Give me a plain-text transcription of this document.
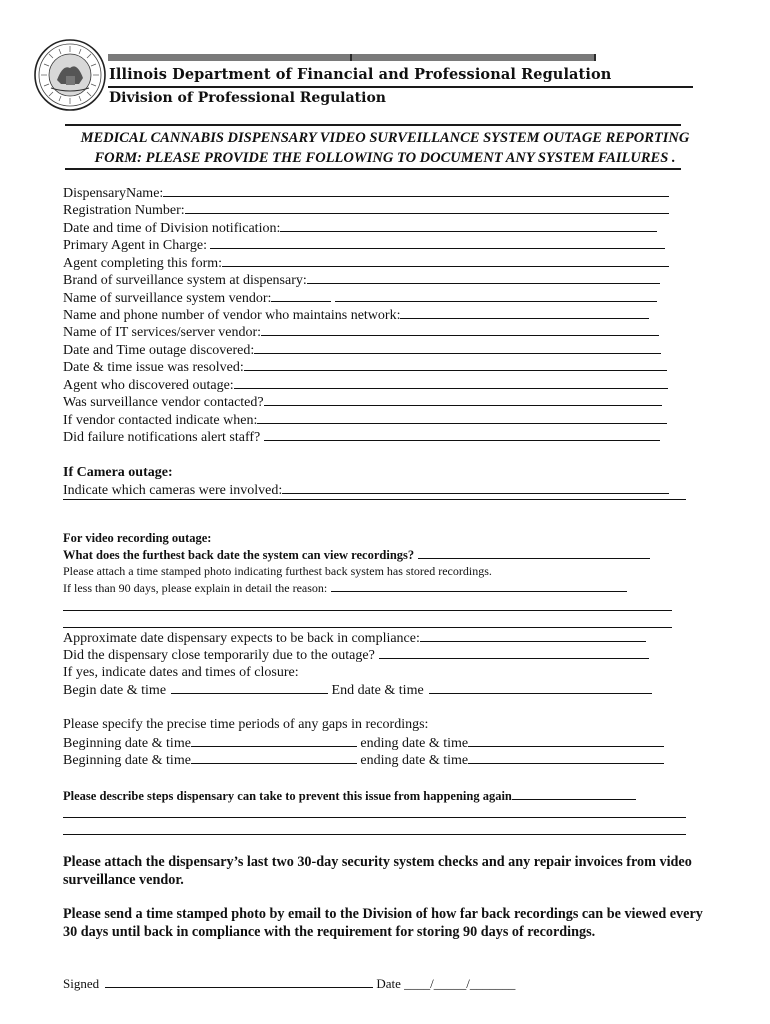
Illinois Department of Financial and Professional Regulation
Division of Professional Regulation
MEDICAL CANNABIS DISPENSARY VIDEO SURVEILLANCE SYSTEM OUTAGE REPORTING
FORM: PLEASE PROVIDE THE FOLLOWING TO DOCUMENT ANY SYSTEM FAILURES .
DispensaryName:
Registration Number:
Date and time of Division notification:
Primary Agent in Charge:
Agent completing this form:
Brand of surveillance system at dispensary:
Name of surveillance system vendor:
Name and phone number of vendor who maintains network:
Name of IT services/server vendor:
Date and Time outage discovered:
Date & time issue was resolved:
Agent who discovered outage:
Was surveillance vendor contacted?
If vendor contacted indicate when:
Did failure notifications alert staff?
If Camera outage:
Indicate which cameras were involved:
For video recording outage:
What does the furthest back date the system can view recordings?
Please attach a time stamped photo indicating furthest back system has stored recordings.
If less than 90 days, please explain in detail the reason:
Approximate date dispensary expects to be back in compliance:
Did the dispensary close temporarily due to the outage?
If yes, indicate dates and times of closure:
Begin date & time	End date & time
Please specify the precise time periods of any gaps in recordings:
Beginning date & time	ending date & time
Beginning date & time	ending date & time
Please describe steps dispensary can take to prevent this issue from happening again
Please attach the dispensary’s last two 30-day security system checks and any repair invoices from video surveillance vendor.
Please send a time stamped photo by email to the Division of how far back recordings can be viewed every 30 days until back in compliance with the requirement for storing 90 days of recordings.
Signed	Date ____/_____/_______
